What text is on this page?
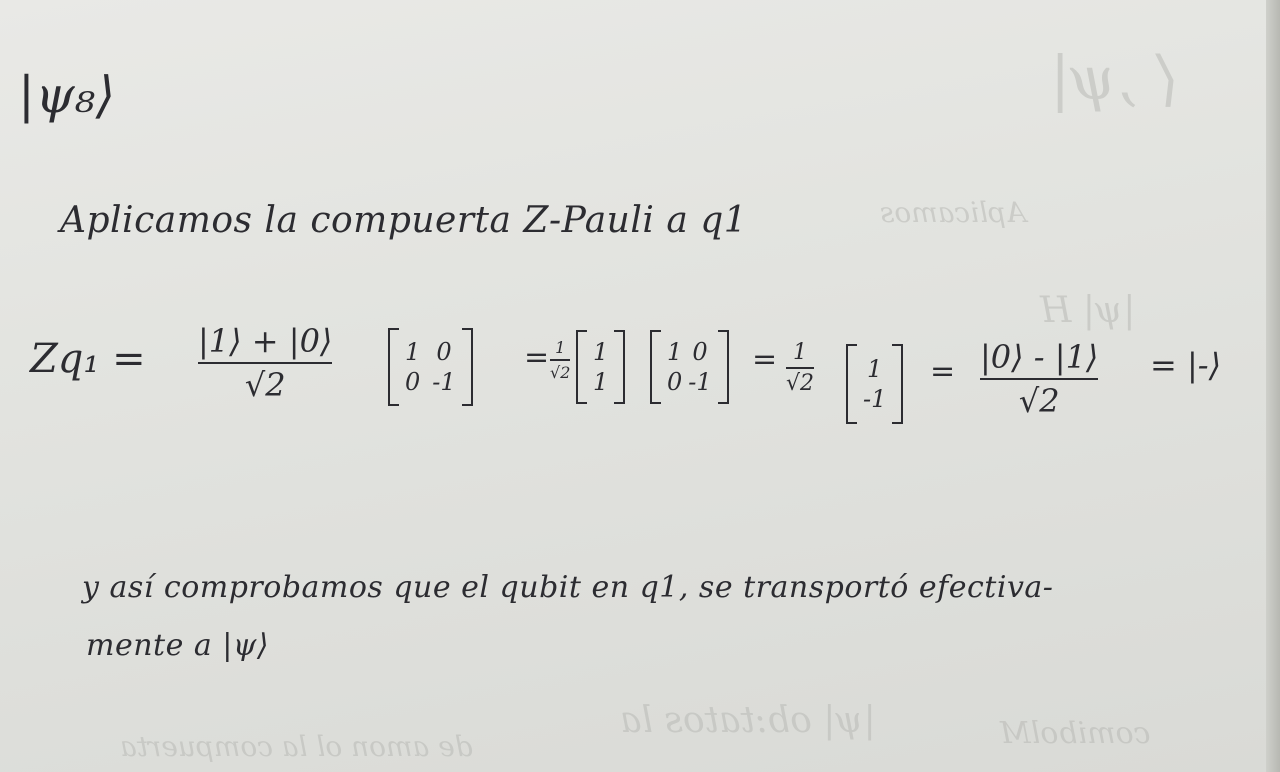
⟨ ,ψ|
Aplicamos
|ψ| H
|ψ| ob:tatos la	comibolM
de amon ol la compuerta
|ψ₈⟩
Aplicamos la compuerta Z-Pauli a q1
Zq₁ = |1⟩ + |0⟩
√2
1 0
0 -1
= 1
√2
1
1
1 0
0 -1
= 1
√2
1
-1
= |0⟩ - |1⟩
√2
= |-⟩
y así comprobamos que el qubit en q1, se transportó efectiva-
mente a |ψ⟩
